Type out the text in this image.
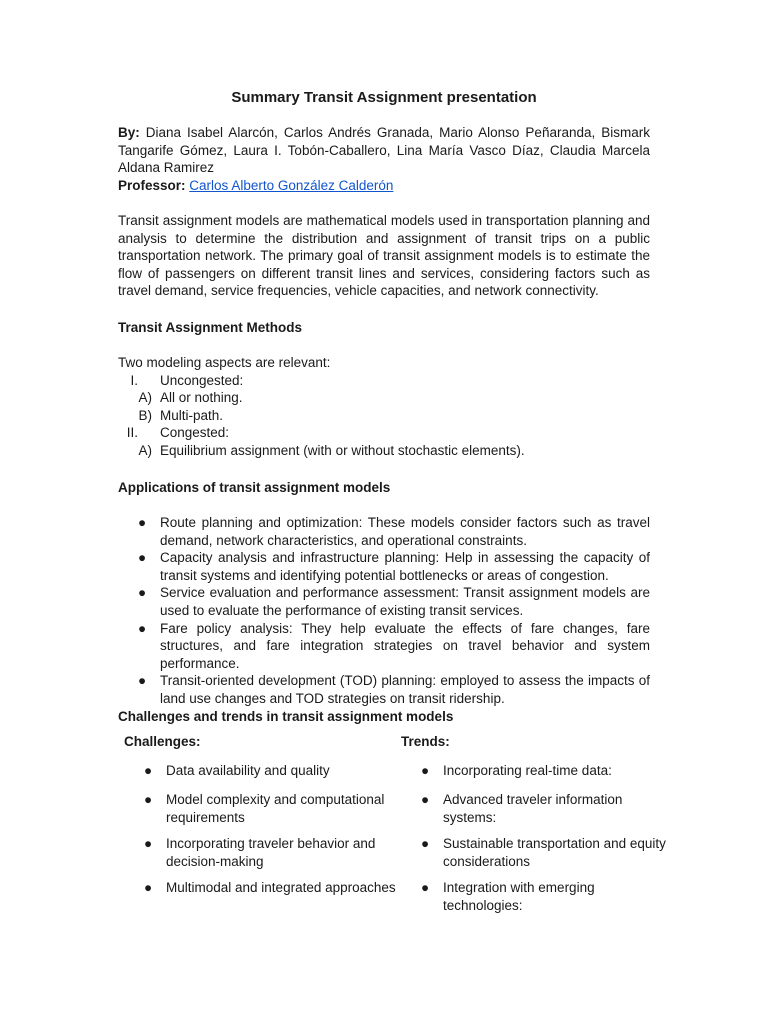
Summary Transit Assignment presentation
By: Diana Isabel Alarcón, Carlos Andrés Granada, Mario Alonso Peñaranda, Bismark Tangarife Gómez, Laura I. Tobón-Caballero, Lina María Vasco Díaz, Claudia Marcela Aldana Ramirez
Professor: Carlos Alberto González Calderón
Transit assignment models are mathematical models used in transportation planning and analysis to determine the distribution and assignment of transit trips on a public transportation network. The primary goal of transit assignment models is to estimate the flow of passengers on different transit lines and services, considering factors such as travel demand, service frequencies, vehicle capacities, and network connectivity.
Transit Assignment Methods
Two modeling aspects are relevant:
I. Uncongested:
A) All or nothing.
B) Multi-path.
II. Congested:
A) Equilibrium assignment (with or without stochastic elements).
Applications of transit assignment models
● Route planning and optimization: These models consider factors such as travel demand, network characteristics, and operational constraints.
● Capacity analysis and infrastructure planning: Help in assessing the capacity of transit systems and identifying potential bottlenecks or areas of congestion.
● Service evaluation and performance assessment: Transit assignment models are used to evaluate the performance of existing transit services.
● Fare policy analysis: They help evaluate the effects of fare changes, fare structures, and fare integration strategies on travel behavior and system performance.
● Transit-oriented development (TOD) planning: employed to assess the impacts of land use changes and TOD strategies on transit ridership.
Challenges and trends in transit assignment models
Challenges:
● Data availability and quality
● Model complexity and computational requirements
● Incorporating traveler behavior and decision-making
● Multimodal and integrated approaches
Trends:
● Incorporating real-time data:
● Advanced traveler information systems:
● Sustainable transportation and equity considerations
● Integration with emerging technologies:
